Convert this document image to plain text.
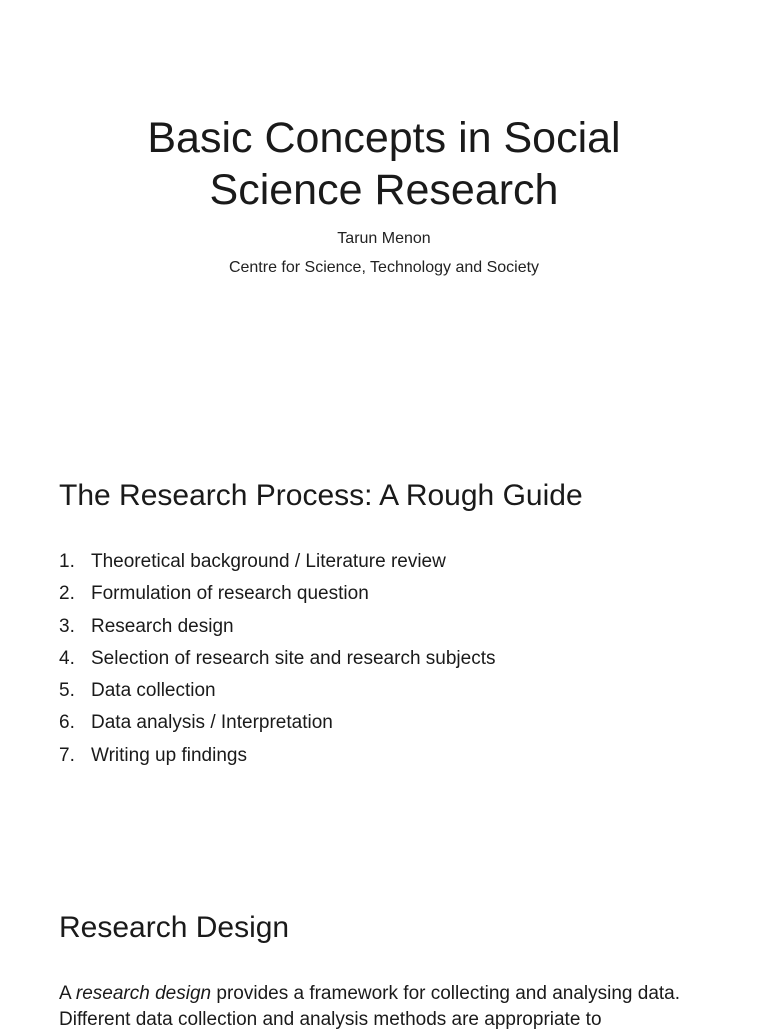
Basic Concepts in Social
Science Research
Tarun Menon
Centre for Science, Technology and Society
The Research Process: A Rough Guide
1. Theoretical background / Literature review
2. Formulation of research question
3. Research design
4. Selection of research site and research subjects
5. Data collection
6. Data analysis / Interpretation
7. Writing up findings
Research Design

A research design provides a framework for collecting and analysing data. Different data collection and analysis methods are appropriate to
